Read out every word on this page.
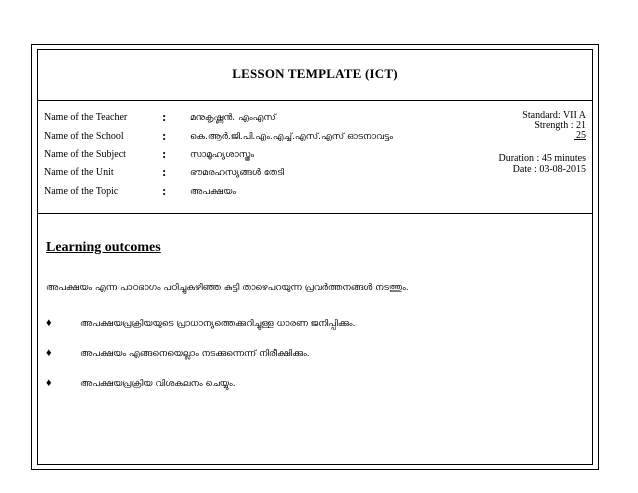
LESSON TEMPLATE (ICT)
Name of the Teacher	:	മനുകൃഷ്ണൻ. എംഎസ്
Name of the School	:	കെ.ആർ.ജി.പി.എം.എച്ച്.എസ്.എസ് ഓടനാവട്ടം
Name of the Subject	:	സാമൂഹ്യശാസ്ത്രം
Name of the Unit	:	ഭൗമരഹസ്യങ്ങൾ തേടി
Name of the Topic	:	അപക്ഷയം
Standard: VII A
Strength : 21
25
Duration : 45 minutes
Date : 03-08-2015
Learning outcomes
അപക്ഷയം എന്ന പാഠഭാഗം പഠിച്ചുകഴിഞ്ഞ കുട്ടി താഴെപറയുന്ന പ്രവർത്തനങ്ങൾ നടത്തും.
♦	അപക്ഷയപ്രക്രിയയുടെ പ്രാധാന്യത്തെക്കുറിച്ചുള്ള ധാരണ ജനിപ്പിക്കും.
♦	അപക്ഷയം എങ്ങനെയെല്ലാം നടക്കുന്നെന്ന് നിരീക്ഷിക്കും.
♦	അപക്ഷയപ്രക്രിയ വിശകലനം ചെയ്യും.
